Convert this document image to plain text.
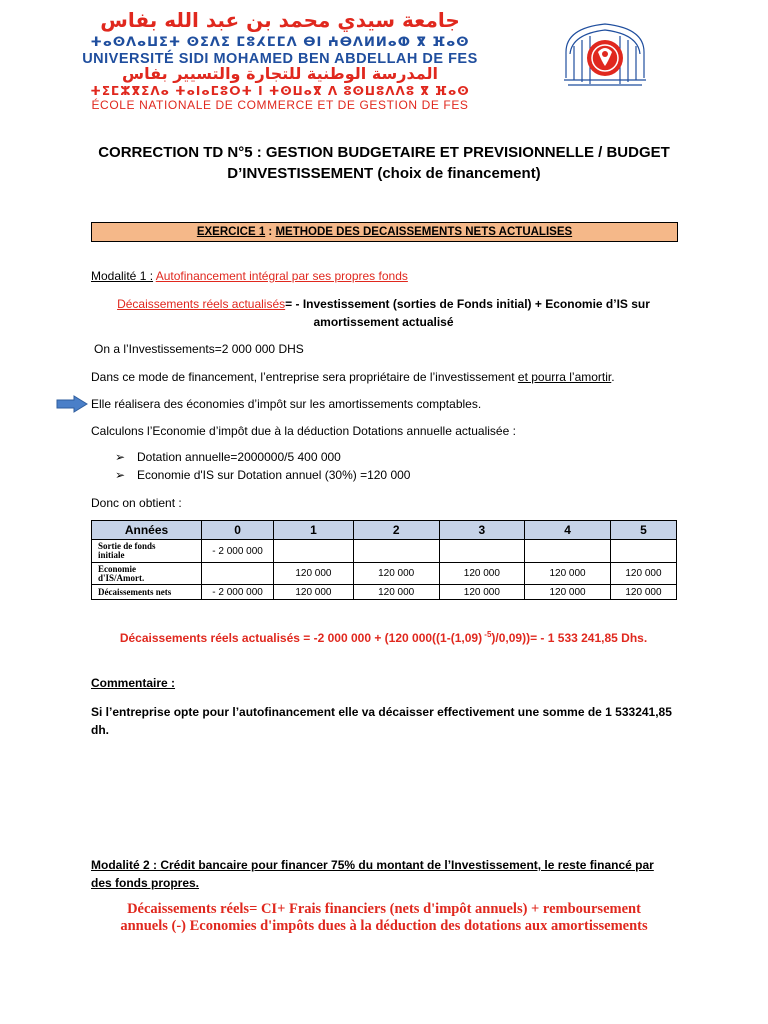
جامعة سيدي محمد بن عبد الله بفاس
ⵜⴰⵙⴷⴰⵡⵉⵜ ⵙⵉⴷⵉ ⵎⵓⵃⵎⵎⴷ ⴱⵏ ⵄⴱⴷⵍⵍⴰⵀ ⴳ ⴼⴰⵙ
UNIVERSITÉ SIDI MOHAMED BEN ABDELLAH DE FES
المدرسة الوطنية للتجارة والتسيير بفاس
ⵜⵉⵎⵣⴳⵉⴷⴰ ⵜⴰⵏⴰⵎⵓⵔⵜ ⵏ ⵜⵙⵡⴰⴳ ⴷ ⵓⵙⵡⵓⴷⴷⵓ ⴳ ⴼⴰⵙ
ÉCOLE NATIONALE DE COMMERCE ET DE GESTION DE FES
CORRECTION TD N°5 : GESTION BUDGETAIRE ET PREVISIONNELLE / BUDGET
D’INVESTISSEMENT (choix de financement)
EXERCICE 1 : METHODE DES DECAISSEMENTS NETS ACTUALISES
Modalité 1 : Autofinancement intégral par ses propres fonds
Décaissements réels actualisés= - Investissement (sorties de Fonds initial) + Economie d’IS sur
amortissement actualisé
On a l’Investissements=2 000 000 DHS
Dans ce mode de financement, l’entreprise sera propriétaire de l’investissement et pourra l’amortir.
Elle réalisera des économies d’impôt sur les amortissements comptables.
Calculons l’Economie d’impôt due à la déduction Dotations annuelle actualisée :
➢ Dotation annuelle=2000000/5 400 000
➢ Economie d'IS sur Dotation annuel (30%) =120 000
Donc on obtient :
Années	0	1	2	3	4	5

Sortie de fonds
initiale	- 2 000 000					

Economie
d'IS/Amort.		120 000	120 000	120 000	120 000	120 000
Décaissements nets	- 2 000 000	120 000	120 000	120 000	120 000	120 000
Décaissements réels actualisés = -2 000 000 + (120 000((1-(1,09) $^{-5}$)/0,09))= - 1 533 241,85 Dhs.
Commentaire :
Si l’entreprise opte pour l’autofinancement elle va décaisser effectivement une somme de 1 533241,85
dh.
Modalité 2 : Crédit bancaire pour financer 75% du montant de l’Investissement, le reste financé par
des fonds propres.
Décaissements réels= CI+ Frais financiers (nets d'impôt annuels) + remboursement
annuels (-) Economies d'impôts dues à la déduction des dotations aux amortissements
